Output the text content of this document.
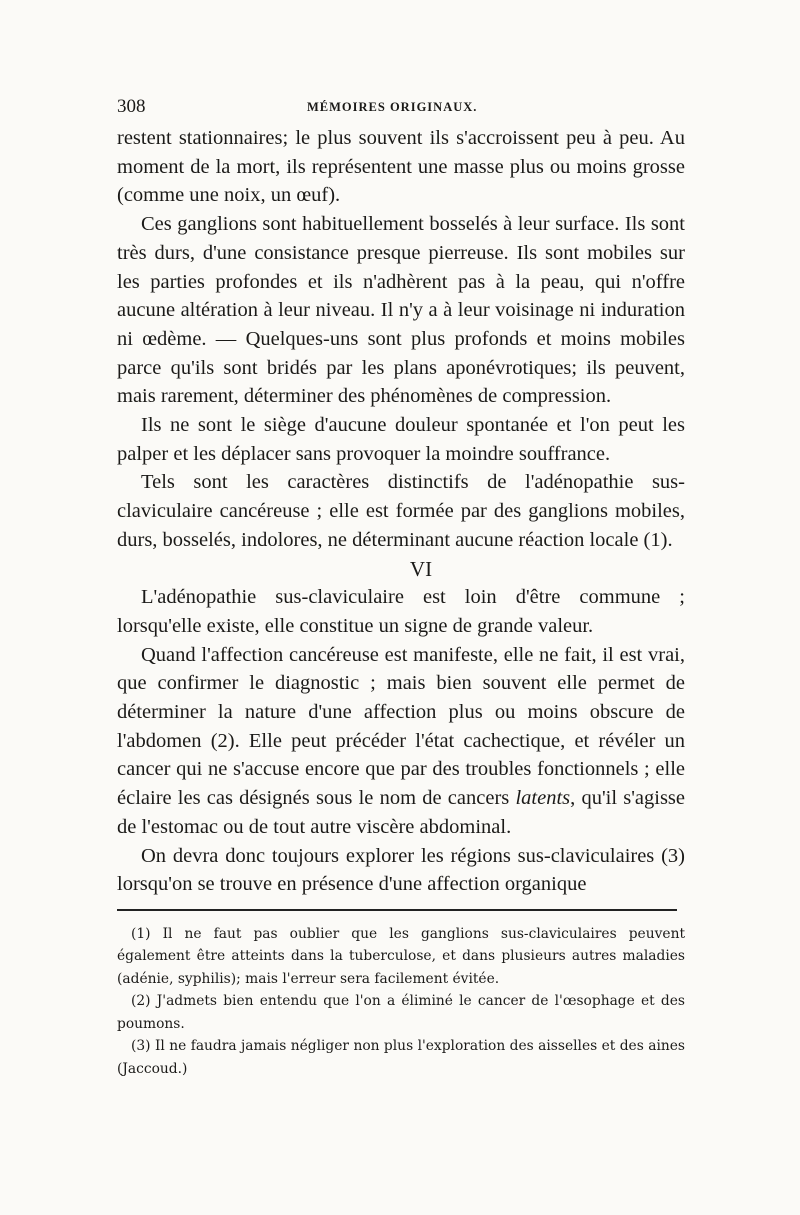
308	MÉMOIRES ORIGINAUX.

restent stationnaires; le plus souvent ils s'accroissent peu à peu. Au moment de la mort, ils représentent une masse plus ou moins grosse (comme une noix, un œuf).

Ces ganglions sont habituellement bosselés à leur surface. Ils sont très durs, d'une consistance presque pierreuse. Ils sont mobiles sur les parties profondes et ils n'adhèrent pas à la peau, qui n'offre aucune altération à leur niveau. Il n'y a à leur voisinage ni induration ni œdème. — Quelques-uns sont plus profonds et moins mobiles parce qu'ils sont bridés par les plans aponévrotiques; ils peuvent, mais rarement, déterminer des phénomènes de compression.

Ils ne sont le siège d'aucune douleur spontanée et l'on peut les palper et les déplacer sans provoquer la moindre souffrance.

Tels sont les caractères distinctifs de l'adénopathie sus-claviculaire cancéreuse ; elle est formée par des ganglions mobiles, durs, bosselés, indolores, ne déterminant aucune réaction locale (1).

VI

L'adénopathie sus-claviculaire est loin d'être commune ; lorsqu'elle existe, elle constitue un signe de grande valeur.

Quand l'affection cancéreuse est manifeste, elle ne fait, il est vrai, que confirmer le diagnostic ; mais bien souvent elle permet de déterminer la nature d'une affection plus ou moins obscure de l'abdomen (2). Elle peut précéder l'état cachectique, et révéler un cancer qui ne s'accuse encore que par des troubles fonctionnels ; elle éclaire les cas désignés sous le nom de cancers latents, qu'il s'agisse de l'estomac ou de tout autre viscère abdominal.

On devra donc toujours explorer les régions sus-claviculaires (3) lorsqu'on se trouve en présence d'une affection organique

(1) Il ne faut pas oublier que les ganglions sus-claviculaires peuvent également être atteints dans la tuberculose, et dans plusieurs autres maladies (adénie, syphilis); mais l'erreur sera facilement évitée.

(2) J'admets bien entendu que l'on a éliminé le cancer de l'œsophage et des poumons.

(3) Il ne faudra jamais négliger non plus l'exploration des aisselles et des aines (Jaccoud.)
